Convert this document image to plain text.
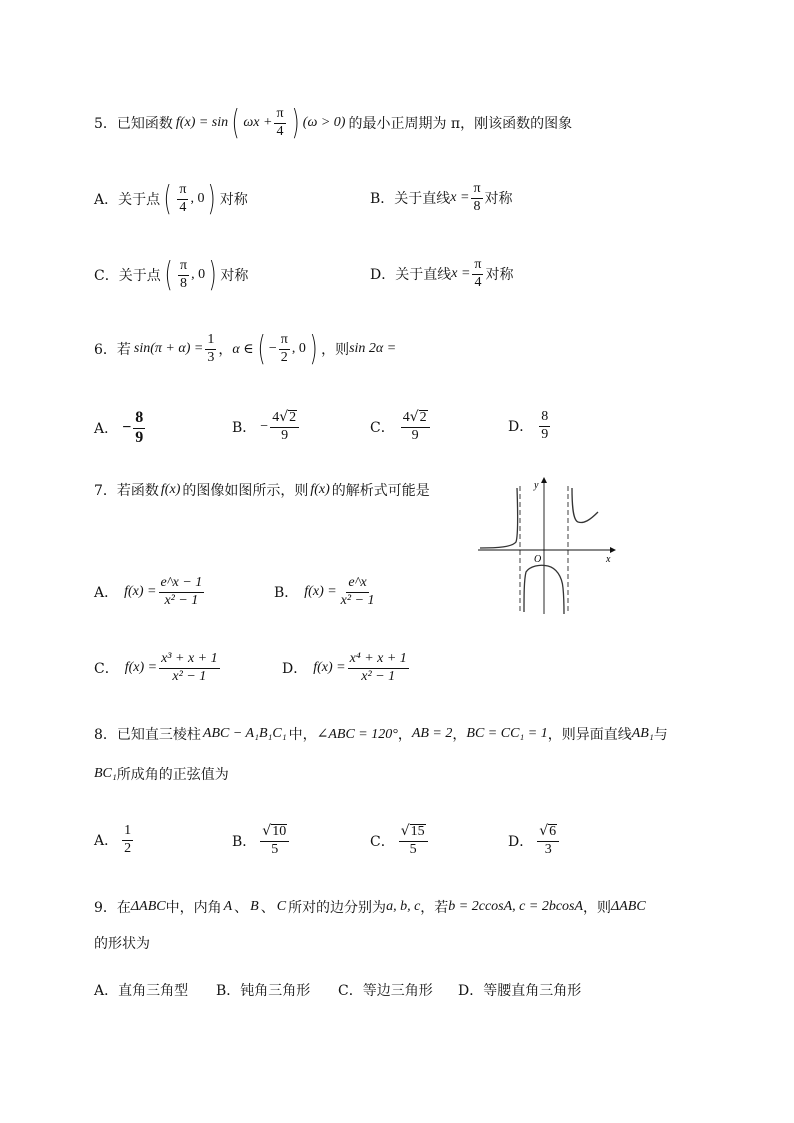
5． 已知函数 f(x) = sin ( $\omega x + \frac{\pi}{4}$ ) (ω > 0) 的最小正周期为 π，刚该函数的图象
A．关于点 ( $\frac{\pi}{4}$ , 0 ) 对称	B．关于直线 $x = \frac{\pi}{8}$ 对称
C．关于点 ( $\frac{\pi}{8}$ , 0 ) 对称	D．关于直线 $x = \frac{\pi}{4}$ 对称
6． 若 $\sin(\pi + \alpha) = \frac{1}{3}$ ， α ∈ ( − $\frac{\pi}{2}$ , 0 ) ，则 sin 2α =
A． − $\frac{8}{9}$	B． − $\frac{4 √ 2}{9}$	C． $\frac{4 √ 2}{9}$	D． $\frac{8}{9}$
7． 若函数 f(x) 的图像如图所示，则 f(x) 的解析式可能是	y
x
O
A． $f(x) = \frac{e\^{}x - 1}{\text{x² − 1}}$	B． $f(x) = \frac{e\^{}x}{\text{x² − 1}}$
C． $f(x) = \frac{\text{x³ + x + 1}}{\text{x² − 1}}$	D． $f(x) = \frac{\text{x⁴ + x + 1}}{\text{x² − 1}}$
8． 已知直三棱柱 ABC − A₁B₁C₁ 中， ∠ABC = 120° ， AB = 2 ， BC = CC₁ = 1 ，则异面直线 AB₁ 与
BC₁ 所成角的正弦值为
A． $\frac{1}{2}$	B． $\frac{√ 10}{5}$	C． $\frac{√ 15}{5}$	D． $\frac{√ 6}{3}$
9． 在 ΔABC 中，内角 A 、 B 、 C 所对的边分别为 a, b, c ，若 b = 2ccosA, c = 2bcosA ，则 ΔABC
的形状为
A．直角三角型 B．钝角三角形 C．等边三角形 D．等腰直角三角形
